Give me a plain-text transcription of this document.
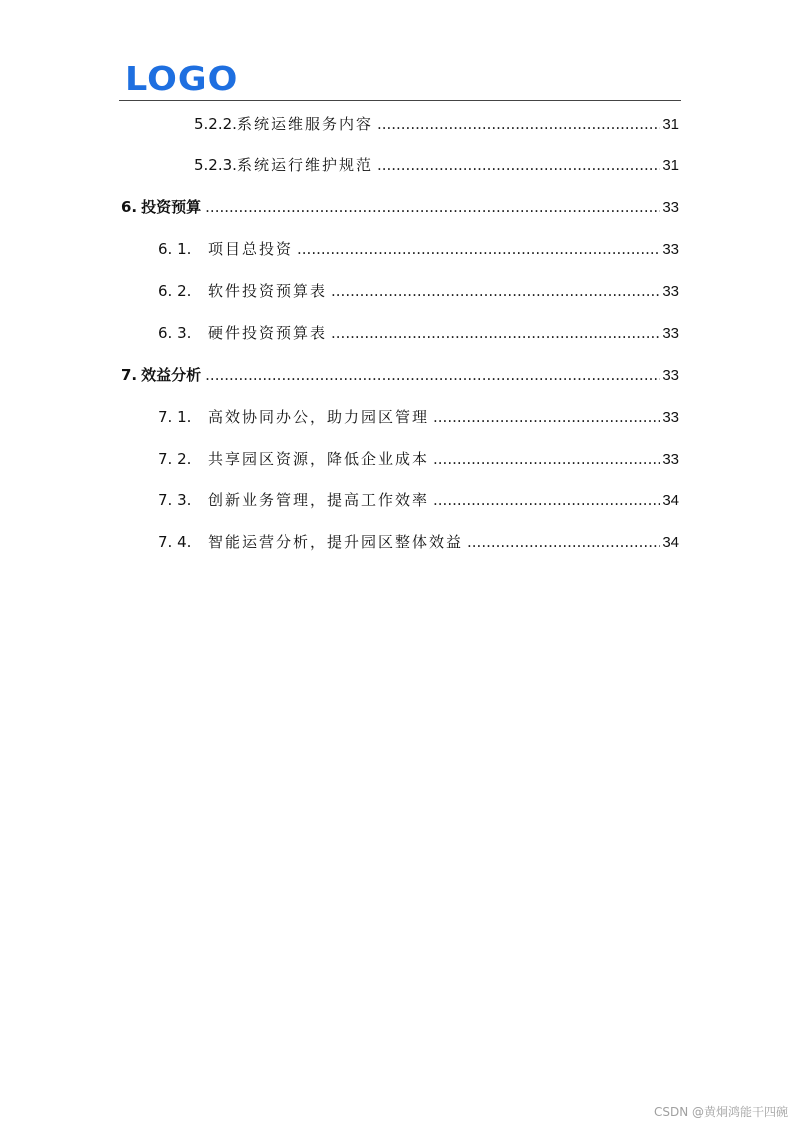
LOGO
5.2.2. 系统运维服务内容 .....	31
5.2.3. 系统运行维护规范 .....	31
6. 投资预算 .....	33
6. 1.	项目总投资 .....	33
6. 2.	软件投资预算表 .....	33
6. 3.	硬件投资预算表 .....	33
7. 效益分析 .....	33
7. 1.	高效协同办公，助力园区管理 .....	33
7. 2.	共享园区资源，降低企业成本 .....	33
7. 3.	创新业务管理，提高工作效率 .....	34
7. 4.	智能运营分析，提升园区整体效益 .....	34
CSDN @黄炯鸿能干四碗
